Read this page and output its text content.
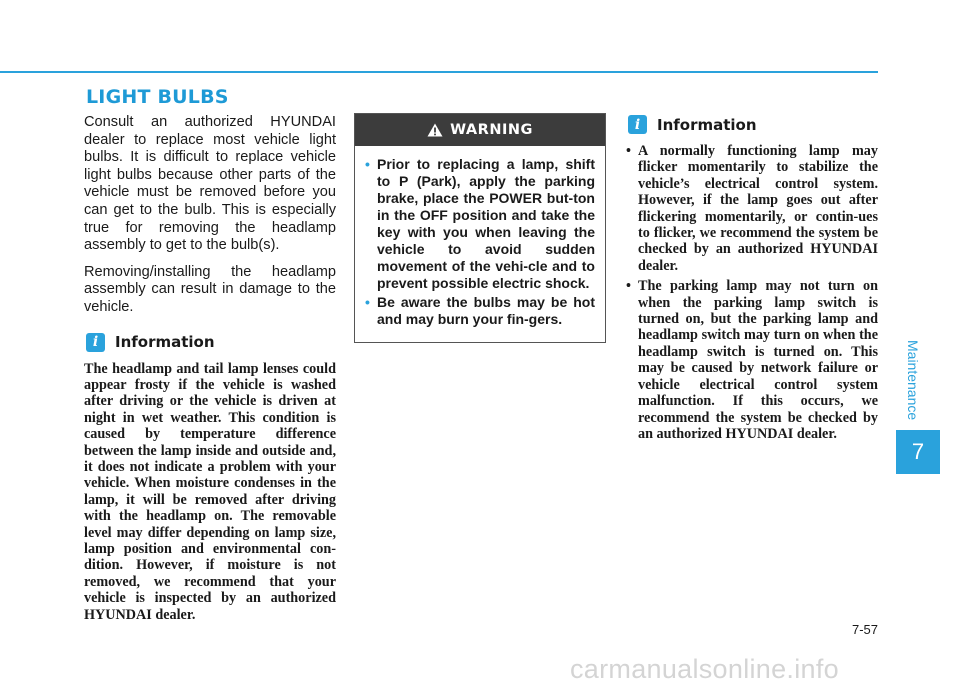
LIGHT BULBS

Consult an authorized HYUNDAI dealer to replace most vehicle light bulbs. It is difficult to replace vehicle light bulbs because other parts of the vehicle must be removed before you can get to the bulb. This is especially true for removing the headlamp assembly to get to the bulb(s).

Removing/installing the headlamp assembly can result in damage to the vehicle.

i	Information

The headlamp and tail lamp lenses could appear frosty if the vehicle is washed after driving or the vehicle is driven at night in wet weather. This condition is caused by temperature difference between the lamp inside and outside and, it does not indicate a problem with your vehicle. When moisture condenses in the lamp, it will be removed after driving with the headlamp on. The removable level may differ depending on lamp size, lamp position and environmental con-dition. However, if moisture is not removed, we recommend that your vehicle is inspected by an authorized HYUNDAI dealer.

WARNING
• Prior to replacing a lamp, shift to P (Park), apply the parking brake, place the POWER but-ton in the OFF position and take the key with you when leaving the vehicle to avoid sudden movement of the vehi-cle and to prevent possible electric shock.
• Be aware the bulbs may be hot and may burn your fin-gers.
i	Information
• A normally functioning lamp may flicker momentarily to stabilize the vehicle’s electrical control system. However, if the lamp goes out after flickering momentarily, or contin-ues to flicker, we recommend the system be checked by an authorized HYUNDAI dealer.
• The parking lamp may not turn on when the parking lamp switch is turned on, but the parking lamp and headlamp switch may turn on when the headlamp switch is turned on. This may be caused by network failure or vehicle electrical control system malfunction. If this occurs, we recommend the system be checked by an authorized HYUNDAI dealer.
Maintenance
7
7-57
carmanualsonline.info
